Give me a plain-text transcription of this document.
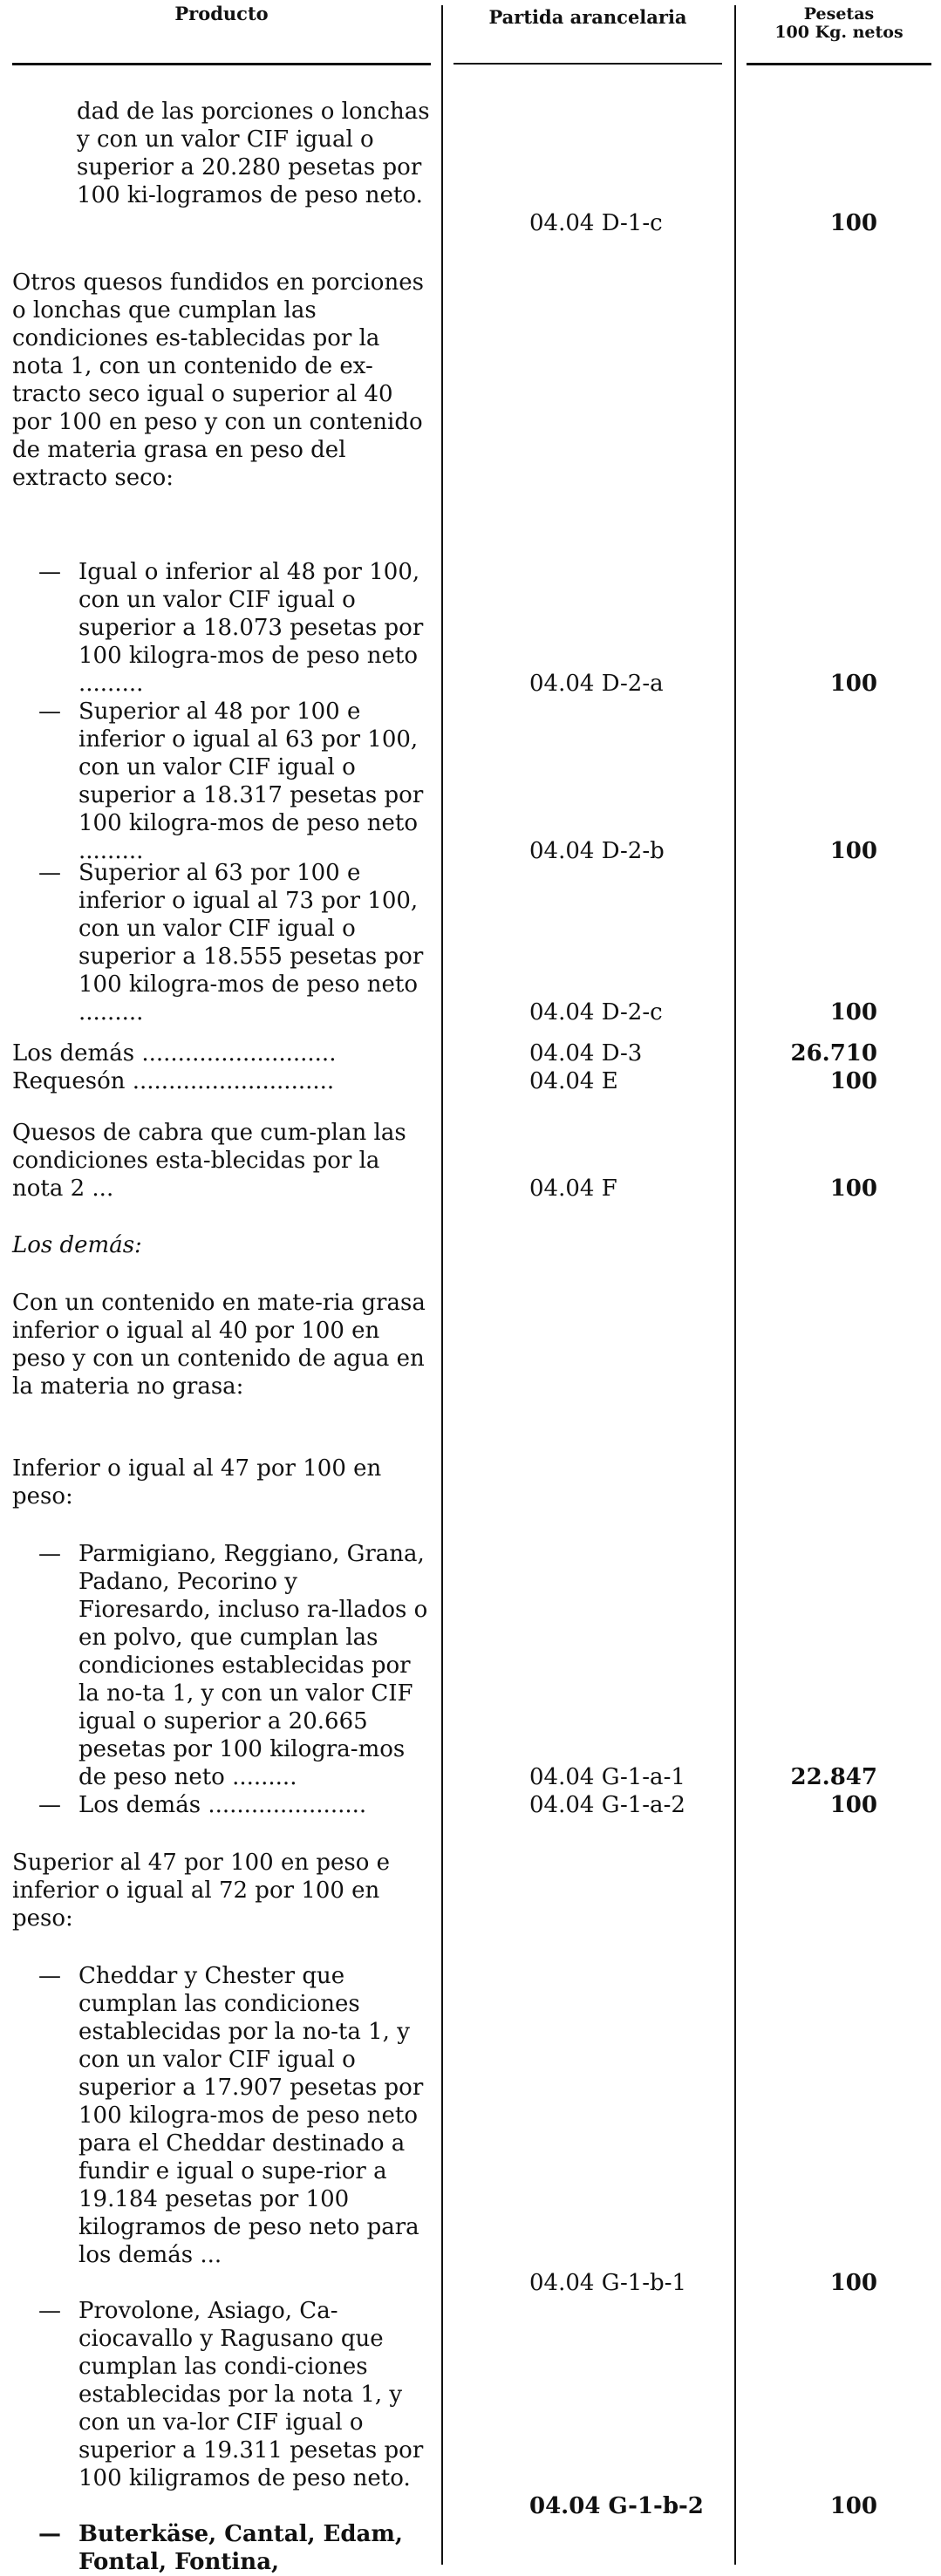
Producto	Partida arancelaria	Pesetas
100 Kg. netos
dad de las porciones o lonchas y con un valor CIF igual o superior a 20.280 pesetas por 100 ki-logramos de peso neto.
04.04 D-1-c	100
Otros quesos fundidos en porciones o lonchas que cumplan las condiciones es-tablecidas por la nota 1, con un contenido de ex-tracto seco igual o superior al 40 por 100 en peso y con un contenido de materia grasa en peso del extracto seco:
— Igual o inferior al 48 por 100, con un valor CIF igual o superior a 18.073 pesetas por 100 kilogra-mos de peso neto .........	04.04 D-2-a	100
— Superior al 48 por 100 e inferior o igual al 63 por 100, con un valor CIF igual o superior a 18.317 pesetas por 100 kilogra-mos de peso neto .........	04.04 D-2-b	100
— Superior al 63 por 100 e inferior o igual al 73 por 100, con un valor CIF igual o superior a 18.555 pesetas por 100 kilogra-mos de peso neto .........	04.04 D-2-c	100
Los demás ...........................	04.04 D-3	26.710
Requesón ............................	04.04 E	100
Quesos de cabra que cum-plan las condiciones esta-blecidas por la nota 2 ...	04.04 F	100
Los demás:
Con un contenido en mate-ria grasa inferior o igual al 40 por 100 en peso y con un contenido de agua en la materia no grasa:
Inferior o igual al 47 por 100 en peso:
— Parmigiano, Reggiano, Grana, Padano, Pecorino y Fioresardo, incluso ra-llados o en polvo, que cumplan las condiciones establecidas por la no-ta 1, y con un valor CIF igual o superior a 20.665 pesetas por 100 kilogra-mos de peso neto .........	04.04 G-1-a-1	22.847
— Los demás ......................	04.04 G-1-a-2	100
Superior al 47 por 100 en peso e inferior o igual al 72 por 100 en peso:
— Cheddar y Chester que cumplan las condiciones establecidas por la no-ta 1, y con un valor CIF igual o superior a 17.907 pesetas por 100 kilogra-mos de peso neto para el Cheddar destinado a fundir e igual o supe-rior a 19.184 pesetas por 100 kilogramos de peso neto para los demás ...
04.04 G-1-b-1	100
— Provolone, Asiago, Ca-ciocavallo y Ragusano que cumplan las condi-ciones establecidas por la nota 1, y con un va-lor CIF igual o superior a 19.311 pesetas por 100 kiligramos de peso neto.
04.04 G-1-b-2	100
— Buterkäse, Cantal, Edam, Fontal, Fontina,
